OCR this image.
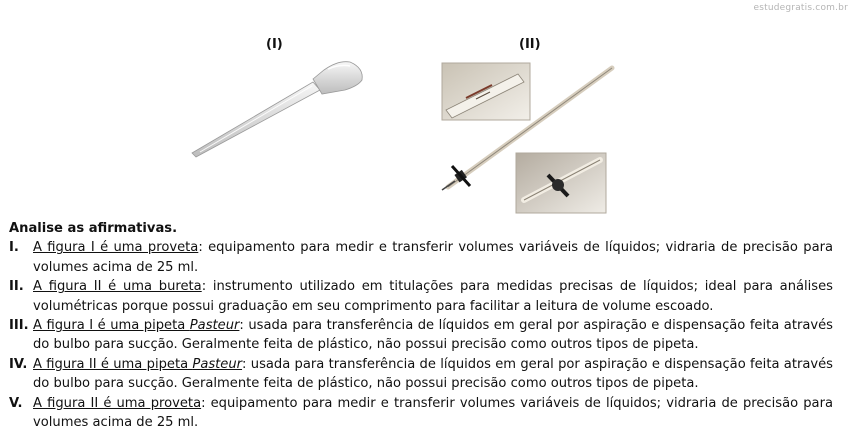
estudegratis.com.br
(I)	(II)
Analise as afirmativas.
I. A figura I é uma proveta: equipamento para medir e transferir volumes variáveis de líquidos; vidraria de precisão para volumes acima de 25 ml.
II. A figura II é uma bureta: instrumento utilizado em titulações para medidas precisas de líquidos; ideal para análises volumétricas porque possui graduação em seu comprimento para facilitar a leitura de volume escoado.
III. A figura I é uma pipeta Pasteur: usada para transferência de líquidos em geral por aspiração e dispensação feita através do bulbo para sucção. Geralmente feita de plástico, não possui precisão como outros tipos de pipeta.
IV. A figura II é uma pipeta Pasteur: usada para transferência de líquidos em geral por aspiração e dispensação feita através do bulbo para sucção. Geralmente feita de plástico, não possui precisão como outros tipos de pipeta.
V. A figura II é uma proveta: equipamento para medir e transferir volumes variáveis de líquidos; vidraria de precisão para volumes acima de 25 ml.
